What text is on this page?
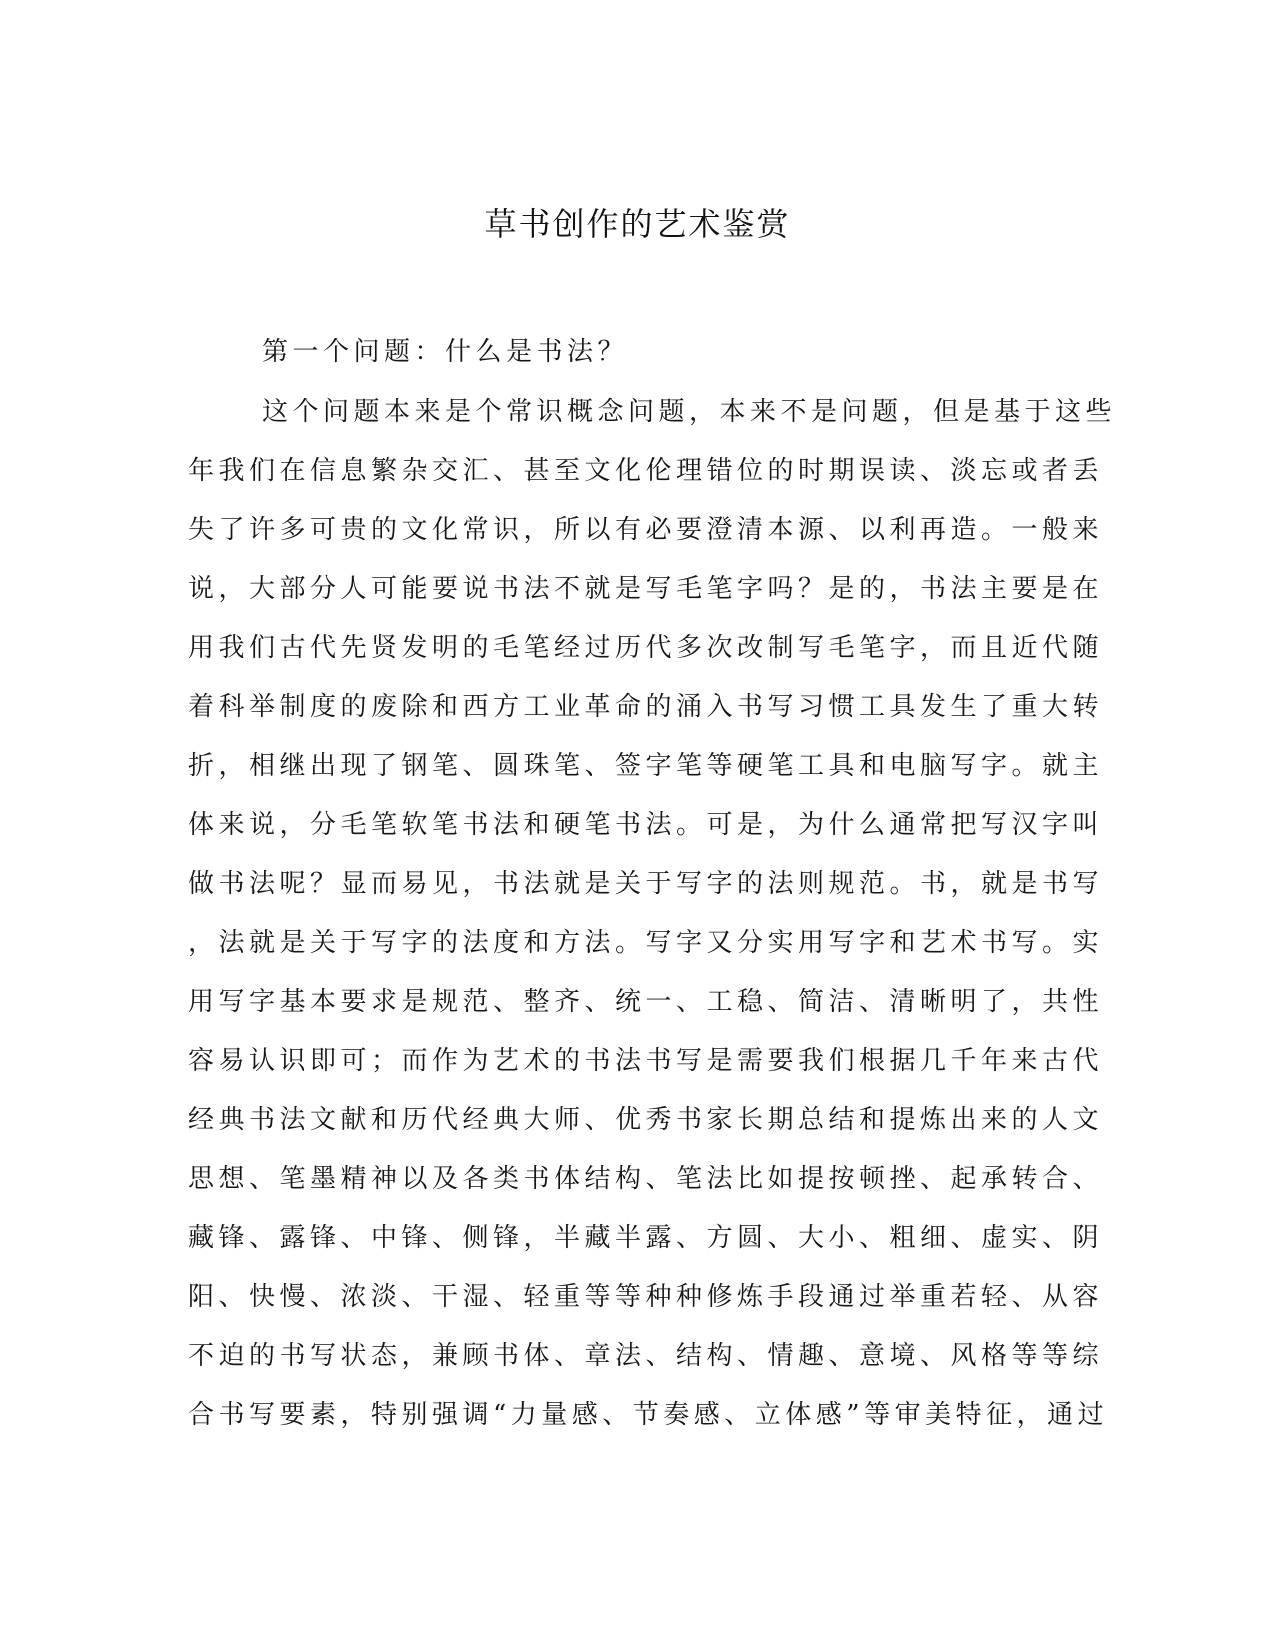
草书创作的艺术鉴赏

第一个问题：什么是书法？

这个问题本来是个常识概念问题，本来不是问题，但是基于这些

年我们在信息繁杂交汇、甚至文化伦理错位的时期误读、淡忘或者丢

失了许多可贵的文化常识，所以有必要澄清本源、以利再造。一般来

说，大部分人可能要说书法不就是写毛笔字吗？是的，书法主要是在

用我们古代先贤发明的毛笔经过历代多次改制写毛笔字，而且近代随

着科举制度的废除和西方工业革命的涌入书写习惯工具发生了重大转

折，相继出现了钢笔、圆珠笔、签字笔等硬笔工具和电脑写字。就主

体来说，分毛笔软笔书法和硬笔书法。可是，为什么通常把写汉字叫

做书法呢？显而易见，书法就是关于写字的法则规范。书，就是书写

，法就是关于写字的法度和方法。写字又分实用写字和艺术书写。实

用写字基本要求是规范、整齐、统一、工稳、简洁、清晰明了，共性

容易认识即可；而作为艺术的书法书写是需要我们根据几千年来古代

经典书法文献和历代经典大师、优秀书家长期总结和提炼出来的人文

思想、笔墨精神以及各类书体结构、笔法比如提按顿挫、起承转合、

藏锋、露锋、中锋、侧锋，半藏半露、方圆、大小、粗细、虚实、阴

阳、快慢、浓淡、干湿、轻重等等种种修炼手段通过举重若轻、从容

不迫的书写状态，兼顾书体、章法、结构、情趣、意境、风格等等综

合书写要素，特别强调“力量感、节奏感、立体感”等审美特征，通过
